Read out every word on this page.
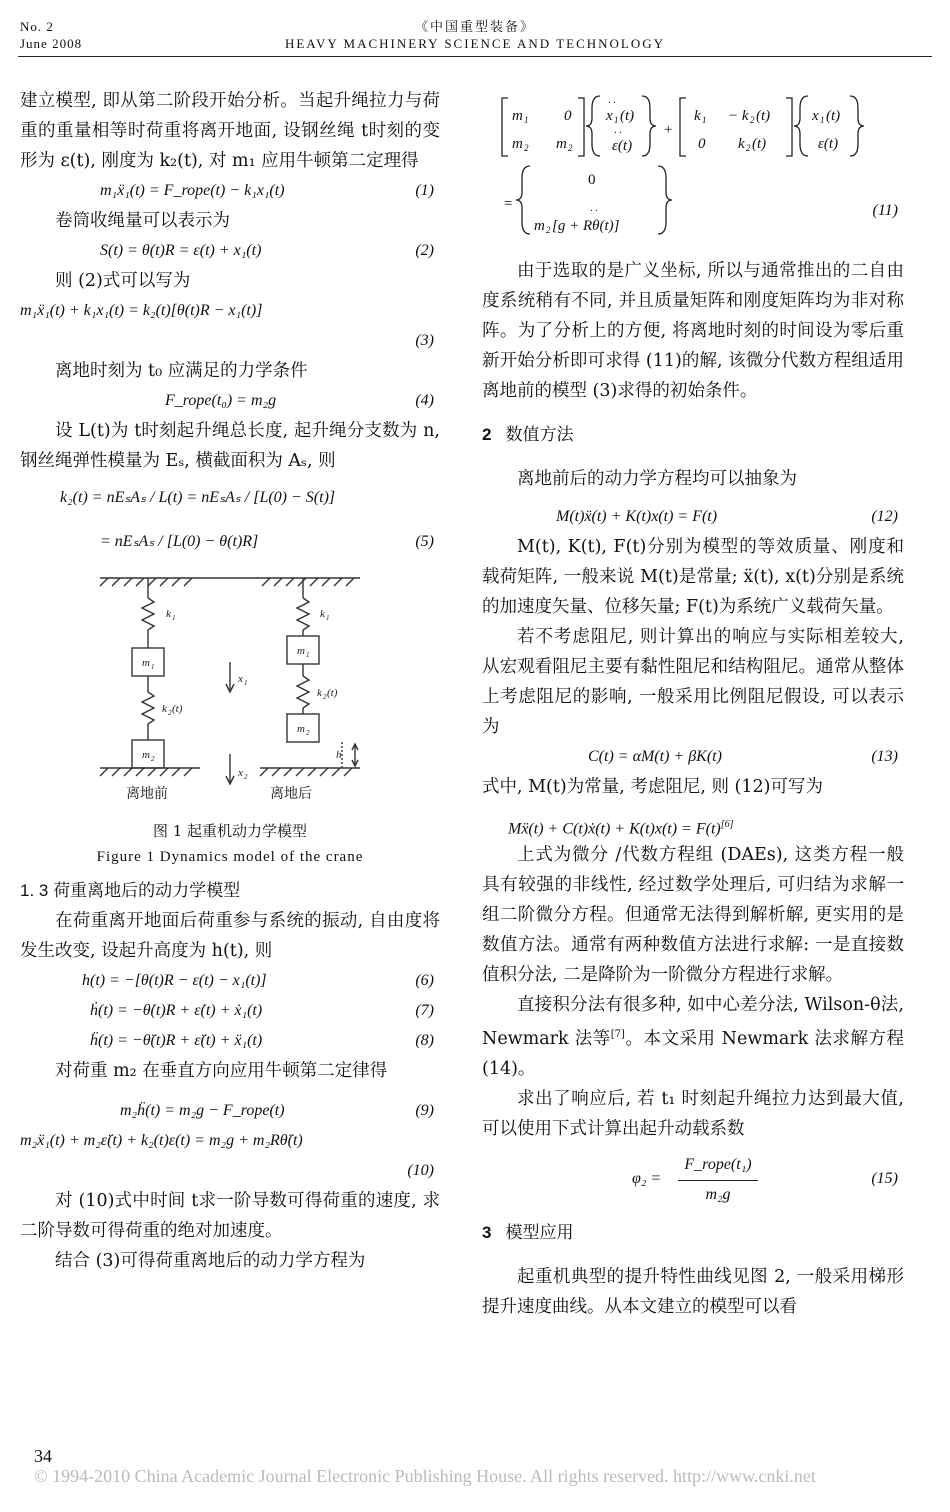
No. 2
June 2008
《中国重型装备》
HEAVY MACHINERY SCIENCE AND TECHNOLOGY

建立模型, 即从第二阶段开始分析。当起升绳拉力与荷重的重量相等时荷重将离开地面, 设钢丝绳 t时刻的变形为 ε(t), 刚度为 k₂(t), 对 m₁ 应用牛顿第二定理得

m₁ẍ₁(t) = F_rope(t) − k₁x₁(t)	(1)

卷筒收绳量可以表示为

S(t) = θ(t)R = ε(t) + x₁(t)	(2)

则 (2)式可以写为

m₁ẍ₁(t) + k₁x₁(t) = k₂(t)[θ(t)R − x₁(t)]
(3)

离地时刻为 t₀ 应满足的力学条件

F_rope(t₀) = m₂g	(4)

设 L(t)为 t时刻起升绳总长度, 起升绳分支数为 n, 钢丝绳弹性模量为 Eₛ, 横截面积为 Aₛ, 则

k₂(t) = nEₛAₛ / L(t) = nEₛAₛ / [L(0) − S(t)]
= nEₛAₛ / [L(0) − θ(t)R]	(5)
k 1
m 1
k 2 (t)
m 2
x 1
x 2
k 1
m 1
k 2 (t)
m 2
h
离地前	离地后
图 1 起重机动力学模型
Figure 1 Dynamics model of the crane
1. 3 荷重离地后的动力学模型

在荷重离开地面后荷重参与系统的振动, 自由度将发生改变, 设起升高度为 h(t), 则

h(t) = −[θ(t)R − ε(t) − x₁(t)]	(6)
ḣ(t) = −θ̇(t)R + ε̇(t) + ẋ₁(t)	(7)
ḧ(t) = −θ̈(t)R + ε̈(t) + ẍ₁(t)	(8)

对荷重 m₂ 在垂直方向应用牛顿第二定律得

m₂ḧ(t) = m₂g − F_rope(t)	(9)
m₂ẍ₁(t) + m₂ε̈(t) + k₂(t)ε(t) = m₂g + m₂Rθ̈(t)
(10)

对 (10)式中时间 t求一阶导数可得荷重的速度, 求二阶导数可得荷重的绝对加速度。

结合 (3)可得荷重离地后的动力学方程为

m 1 0
m 2 m 2
· ·
x 1 (t)
· ·
ε(t)
+
k 1 − k 2 (t)
0 k 2 (t)
x 1 (t)
ε(t)
=
0
· ·
m 2 [g + Rθ(t)]
(11)

由于选取的是广义坐标, 所以与通常推出的二自由度系统稍有不同, 并且质量矩阵和刚度矩阵均为非对称阵。为了分析上的方便, 将离地时刻的时间设为零后重新开始分析即可求得 (11)的解, 该微分代数方程组适用离地前的模型 (3)求得的初始条件。

2 数值方法

离地前后的动力学方程均可以抽象为

M(t)ẍ(t) + K(t)x(t) = F(t)	(12)

M(t), K(t), F(t)分别为模型的等效质量、刚度和载荷矩阵, 一般来说 M(t)是常量; ẍ(t), x(t)分别是系统的加速度矢量、位移矢量; F(t)为系统广义载荷矢量。

若不考虑阻尼, 则计算出的响应与实际相差较大, 从宏观看阻尼主要有黏性阻尼和结构阻尼。通常从整体上考虑阻尼的影响, 一般采用比例阻尼假设, 可以表示为

C(t) = αM(t) + βK(t)	(13)

式中, M(t)为常量, 考虑阻尼, 则 (12)可写为

Mẍ(t) + C(t)ẋ(t) + K(t)x(t) = F(t)[6]

上式为微分 /代数方程组 (DAEs), 这类方程一般具有较强的非线性, 经过数学处理后, 可归结为求解一组二阶微分方程。但通常无法得到解析解, 更实用的是数值方法。通常有两种数值方法进行求解: 一是直接数值积分法, 二是降阶为一阶微分方程进行求解。

直接积分法有很多种, 如中心差分法, Wilson-θ法, Newmark 法等[7]。本文采用 Newmark 法求解方程 (14)。

求出了响应后, 若 t₁ 时刻起升绳拉力达到最大值, 可以使用下式计算出起升动载系数

φ₂ =
F_rope(t₁)
m₂g
(15)
3 模型应用

起重机典型的提升特性曲线见图 2, 一般采用梯形提升速度曲线。从本文建立的模型可以看

34
© 1994-2010 China Academic Journal Electronic Publishing House. All rights reserved. http://www.cnki.net
